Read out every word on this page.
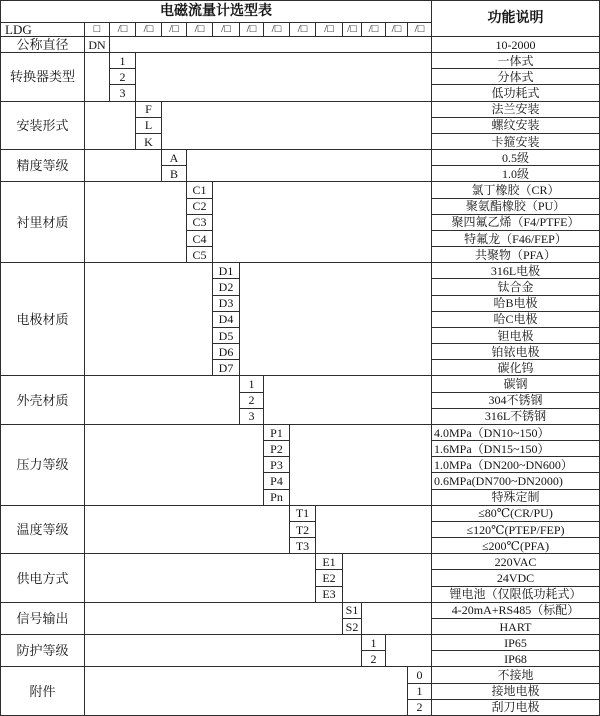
电磁流量计选型表	功能说明
LDG	□	/□	/□	/□	/□	/□	/□	/□	/□	/□	/□	/□	/□	/□
公称直径	DN	10-2000
转换器类型
1	一体式
2	分体式
3	低功耗式
安装形式
F	法兰安装
L	螺纹安装
K	卡箍安装
精度等级
A	0.5级
B	1.0级
衬里材质
C1	氯丁橡胶（CR）
C2	聚氨酯橡胶（PU）
C3	聚四氟乙烯（F4/PTFE）
C4	特氟龙（F46/FEP）
C5	共聚物（PFA）
电极材质
D1	316L电极
D2	钛合金
D3	哈B电极
D4	哈C电极
D5	钽电极
D6	铂铱电极
D7	碳化钨
外壳材质
1	碳钢
2	304不锈钢
3	316L不锈钢
压力等级
P1	4.0MPa（DN10~150）
P2	1.6MPa（DN15~150）
P3	1.0MPa（DN200~DN600）
P4	0.6MPa(DN700~DN2000)
Pn	特殊定制
温度等级
T1	≤80℃(CR/PU)
T2	≤120℃(PTEP/FEP)
T3	≤200℃(PFA)
供电方式
E1	220VAC
E2	24VDC
E3	锂电池（仅限低功耗式）
信号输出
S1	4-20mA+RS485（标配）
S2	HART
防护等级
1	IP65
2	IP68
附件
0	不接地
1	接地电极
2	刮刀电极
